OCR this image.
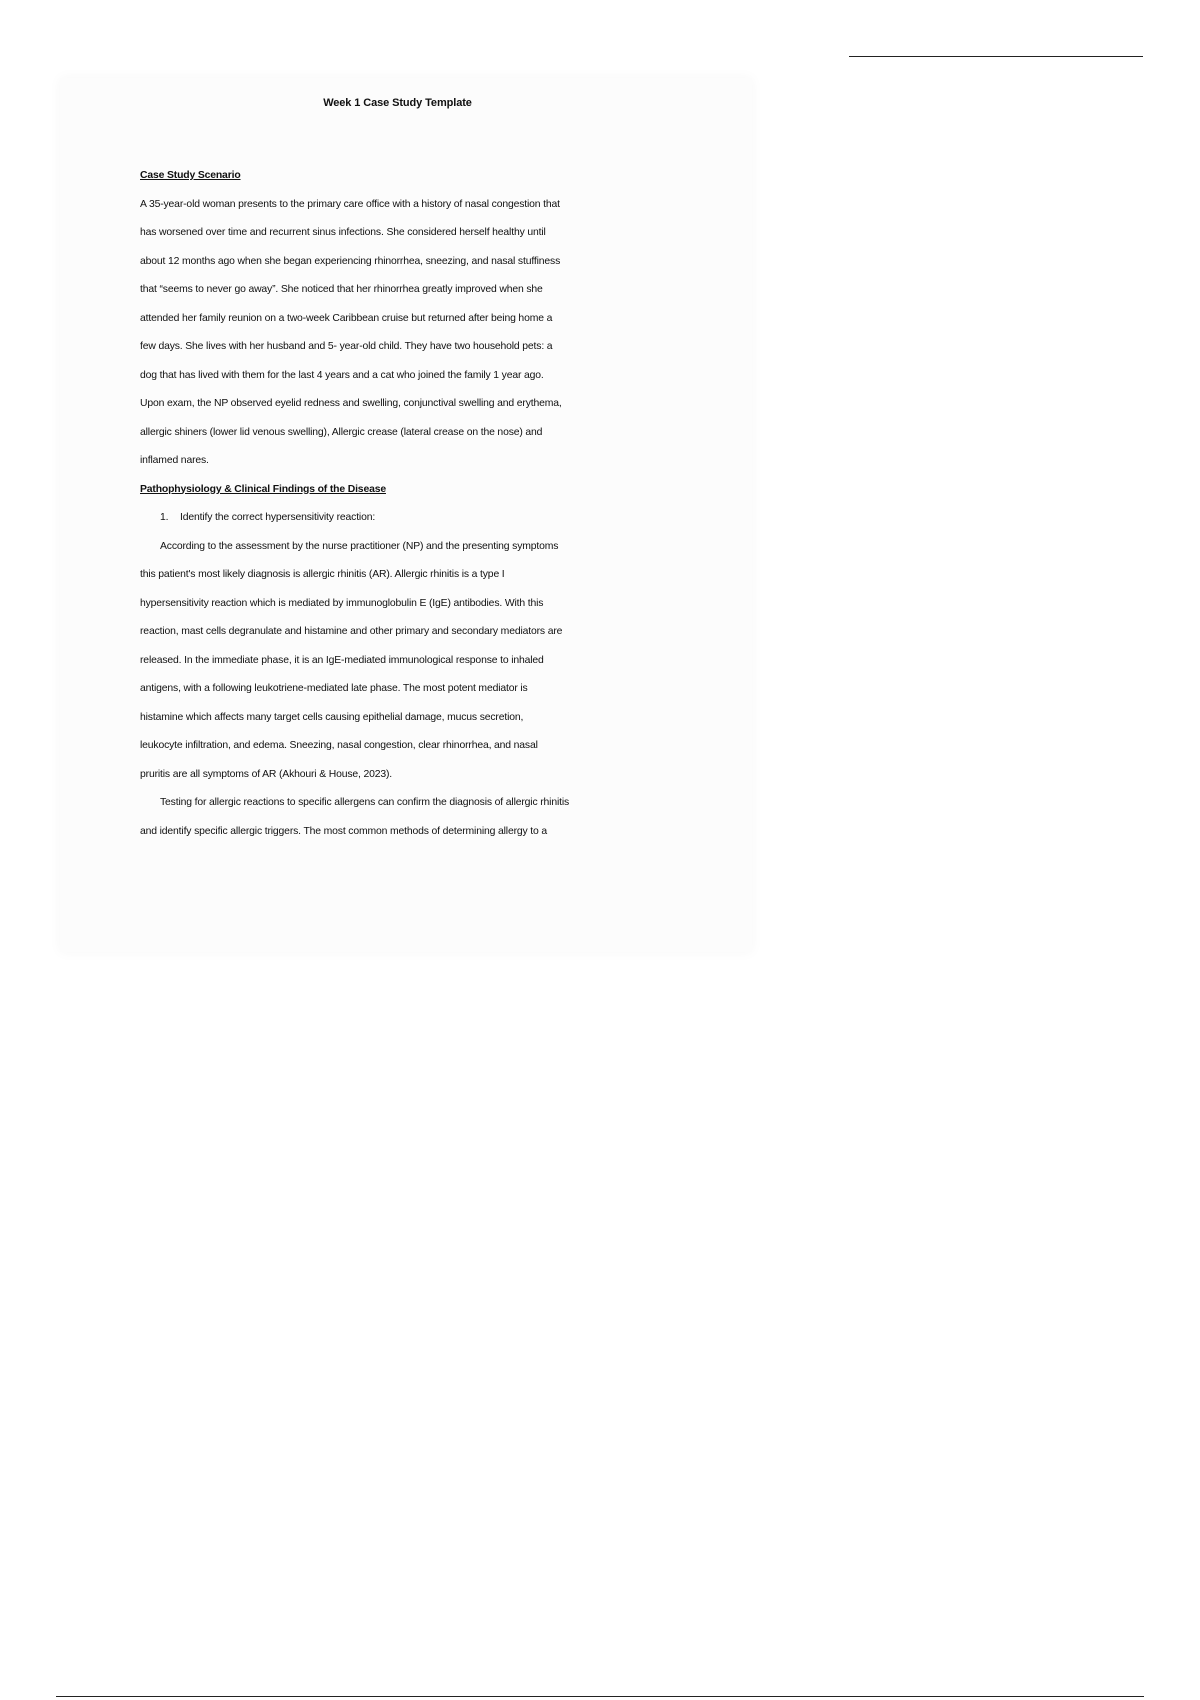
Week 1 Case Study Template
Case Study Scenario
A 35-year-old woman presents to the primary care office with a history of nasal congestion that
has worsened over time and recurrent sinus infections. She considered herself healthy until
about 12 months ago when she began experiencing rhinorrhea, sneezing, and nasal stuffiness
that “seems to never go away”. She noticed that her rhinorrhea greatly improved when she
attended her family reunion on a two-week Caribbean cruise but returned after being home a
few days. She lives with her husband and 5- year-old child. They have two household pets: a
dog that has lived with them for the last 4 years and a cat who joined the family 1 year ago.
Upon exam, the NP observed eyelid redness and swelling, conjunctival swelling and erythema,
allergic shiners (lower lid venous swelling), Allergic crease (lateral crease on the nose) and
inflamed nares.
Pathophysiology & Clinical Findings of the Disease
1. Identify the correct hypersensitivity reaction:
According to the assessment by the nurse practitioner (NP) and the presenting symptoms
this patient's most likely diagnosis is allergic rhinitis (AR). Allergic rhinitis is a type I
hypersensitivity reaction which is mediated by immunoglobulin E (IgE) antibodies. With this
reaction, mast cells degranulate and histamine and other primary and secondary mediators are
released. In the immediate phase, it is an IgE-mediated immunological response to inhaled
antigens, with a following leukotriene-mediated late phase. The most potent mediator is
histamine which affects many target cells causing epithelial damage, mucus secretion,
leukocyte infiltration, and edema. Sneezing, nasal congestion, clear rhinorrhea, and nasal
pruritis are all symptoms of AR (Akhouri & House, 2023).
Testing for allergic reactions to specific allergens can confirm the diagnosis of allergic rhinitis
and identify specific allergic triggers. The most common methods of determining allergy to a
